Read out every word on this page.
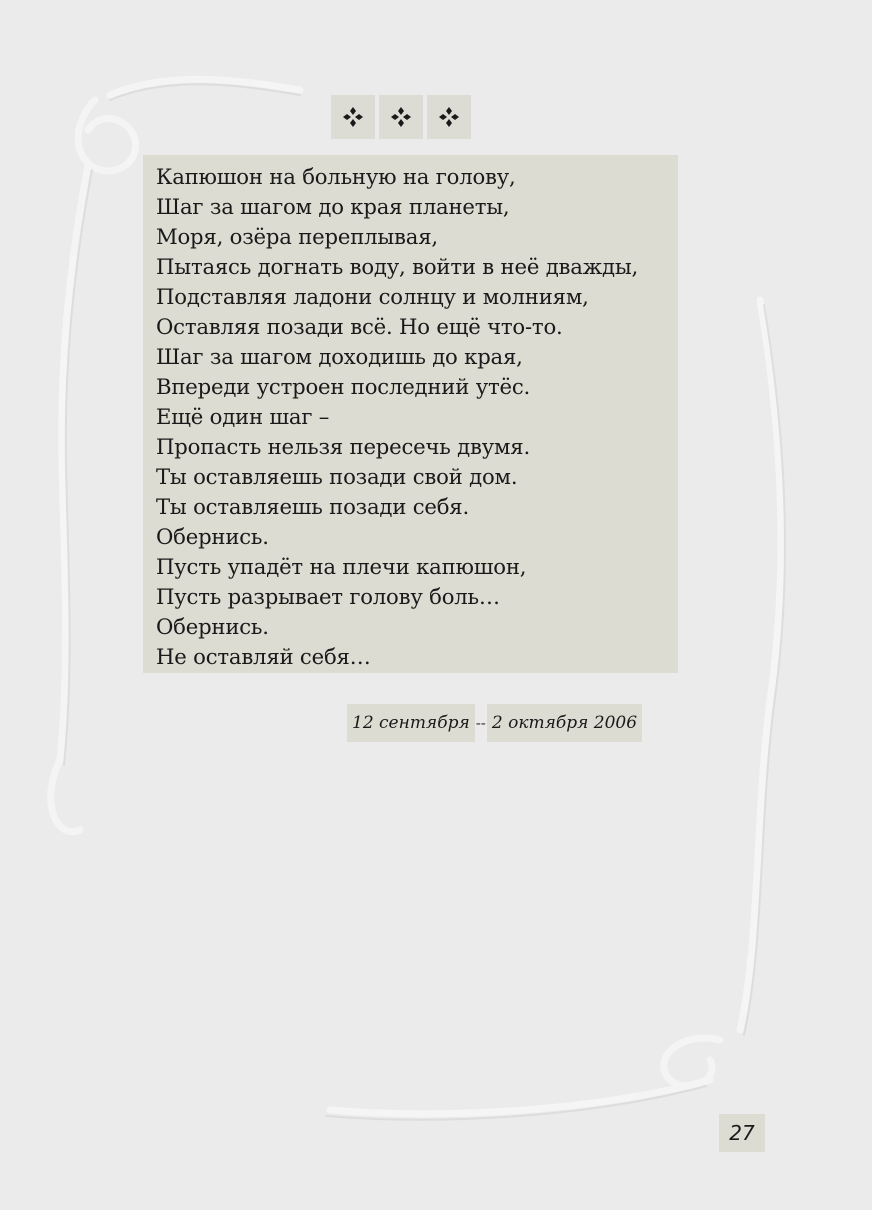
Капюшон на больную на голову,
Шаг за шагом до края планеты,
Моря, озёра переплывая,
Пытаясь догнать воду, войти в неё дважды,
Подставляя ладони солнцу и молниям,
Оставляя позади всё. Но ещё что-то.
Шаг за шагом доходишь до края,
Впереди устроен последний утёс.
Ещё один шаг –
Пропасть нельзя пересечь двумя.
Ты оставляешь позади свой дом.
Ты оставляешь позади себя.
Обернись.
Пусть упадёт на плечи капюшон,
Пусть разрывает голову боль…
Обернись.
Не оставляй себя…
12 сентября -- 2 октября 2006
27
